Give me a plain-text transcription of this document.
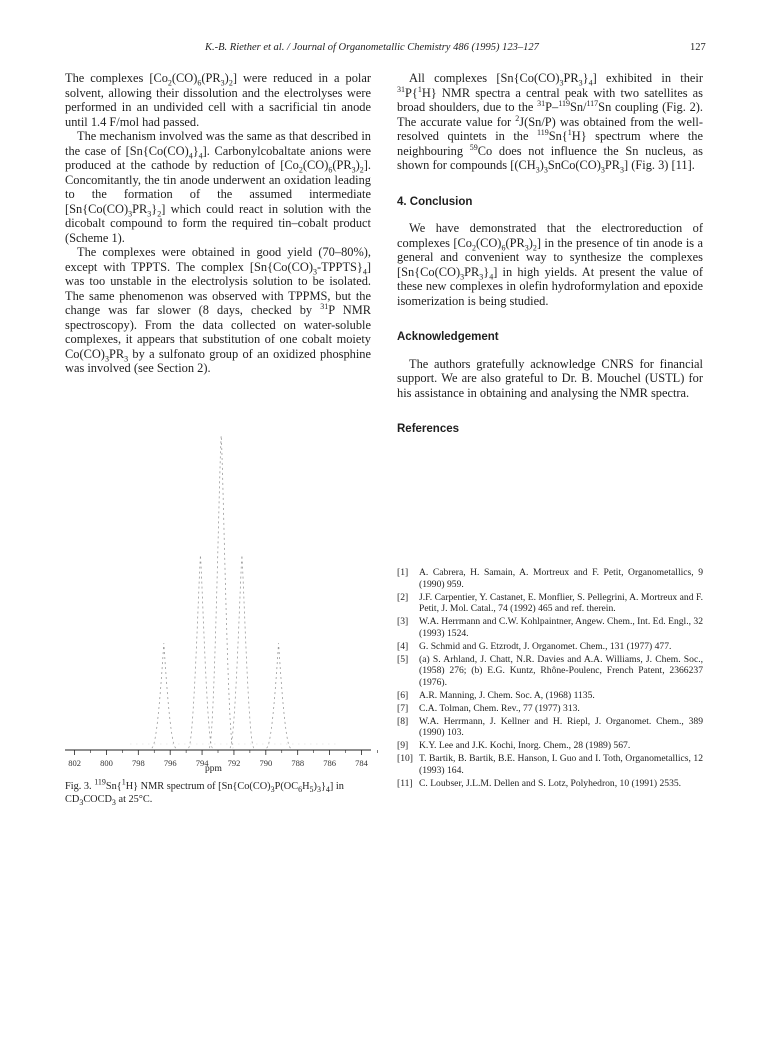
K.-B. Riether et al. / Journal of Organometallic Chemistry 486 (1995) 123–127	127

The complexes $[Co_2(CO)_6(PR_3)_2]$ were reduced in a polar solvent, allowing their dissolution and the electrolyses were performed in an undivided cell with a sacrificial tin anode until 1.4 F/mol had passed.

The mechanism involved was the same as that described in the case of $[Sn\{Co(CO)_4\}_4]$. Carbonylcobaltate anions were produced at the cathode by reduction of $[Co_2(CO)_6(PR_3)_2]$. Concomitantly, the tin anode underwent an oxidation leading to the formation of the assumed intermediate $[Sn\{Co(CO)_3PR_3\}_2]$ which could react in solution with the dicobalt compound to form the required tin–cobalt product (Scheme 1).

The complexes were obtained in good yield (70–80%), except with TPPTS. The complex $[Sn\{Co(CO)_3-TPPTS\}_4]$ was too unstable in the electrolysis solution to be isolated. The same phenomenon was observed with TPPMS, but the change was far slower (8 days, checked by $^{31}$P NMR spectroscopy). From the data collected on water-soluble complexes, it appears that substitution of one cobalt moiety $Co(CO)_3PR_3$ by a sulfonato group of an oxidized phosphine was involved (see Section 2).

All complexes $[Sn\{Co(CO)_3PR_3\}_4]$ exhibited in their $^{31}$P{$^1$H} NMR spectra a central peak with two satellites as broad shoulders, due to the $^{31}$P–$^{119}$Sn/$^{117}$Sn coupling (Fig. 2). The accurate value for $^2$J(Sn/P) was obtained from the well-resolved quintets in the $^{119}$Sn{$^1$H} spectrum where the neighbouring $^{59}$Co does not influence the Sn nucleus, as shown for compounds $[(CH_3)_3SnCo(CO)_3PR_3]$ (Fig. 3) [11].

4. Conclusion

We have demonstrated that the electroreduction of complexes $[Co_2(CO)_6(PR_3)_2]$ in the presence of tin anode is a general and convenient way to synthesize the complexes $[Sn\{Co(CO)_3PR_3\}_4]$ in high yields. At present the value of these new complexes in olefin hydroformylation and epoxide isomerization is being studied.

Acknowledgement

The authors gratefully acknowledge CNRS for financial support. We are also grateful to Dr. B. Mouchel (USTL) for his assistance in obtaining and analysing the NMR spectra.

References

[1]	A. Cabrera, H. Samain, A. Mortreux and F. Petit, Organometallics, 9 (1990) 959.
[2]	J.F. Carpentier, Y. Castanet, E. Monflier, S. Pellegrini, A. Mortreux and F. Petit, J. Mol. Catal., 74 (1992) 465 and ref. therein.
[3]	W.A. Herrmann and C.W. Kohlpaintner, Angew. Chem., Int. Ed. Engl., 32 (1993) 1524.
[4]	G. Schmid and G. Etzrodt, J. Organomet. Chem., 131 (1977) 477.
[5]	(a) S. Arhland, J. Chatt, N.R. Davies and A.A. Williams, J. Chem. Soc., (1958) 276; (b) E.G. Kuntz, Rhône-Poulenc, French Patent, 2366237 (1976).
[6]	A.R. Manning, J. Chem. Soc. A, (1968) 1135.
[7]	C.A. Tolman, Chem. Rev., 77 (1977) 313.
[8]	W.A. Herrmann, J. Kellner and H. Riepl, J. Organomet. Chem., 389 (1990) 103.
[9]	K.Y. Lee and J.K. Kochi, Inorg. Chem., 28 (1989) 567.
[10] T. Bartik, B. Bartik, B.E. Hanson, I. Guo and I. Toth, Organometallics, 12 (1993) 164.
[11] C. Loubser, J.L.M. Dellen and S. Lotz, Polyhedron, 10 (1991) 2535.
802 800 798 796 794 792 790 788 786 784
ppm

Fig. 3. $^{119}$Sn{$^1$H} NMR spectrum of $[Sn\{Co(CO)_3P(OC_6H_5)_3\}_4]$ in $CD_3COCD_3$ at 25°C.
